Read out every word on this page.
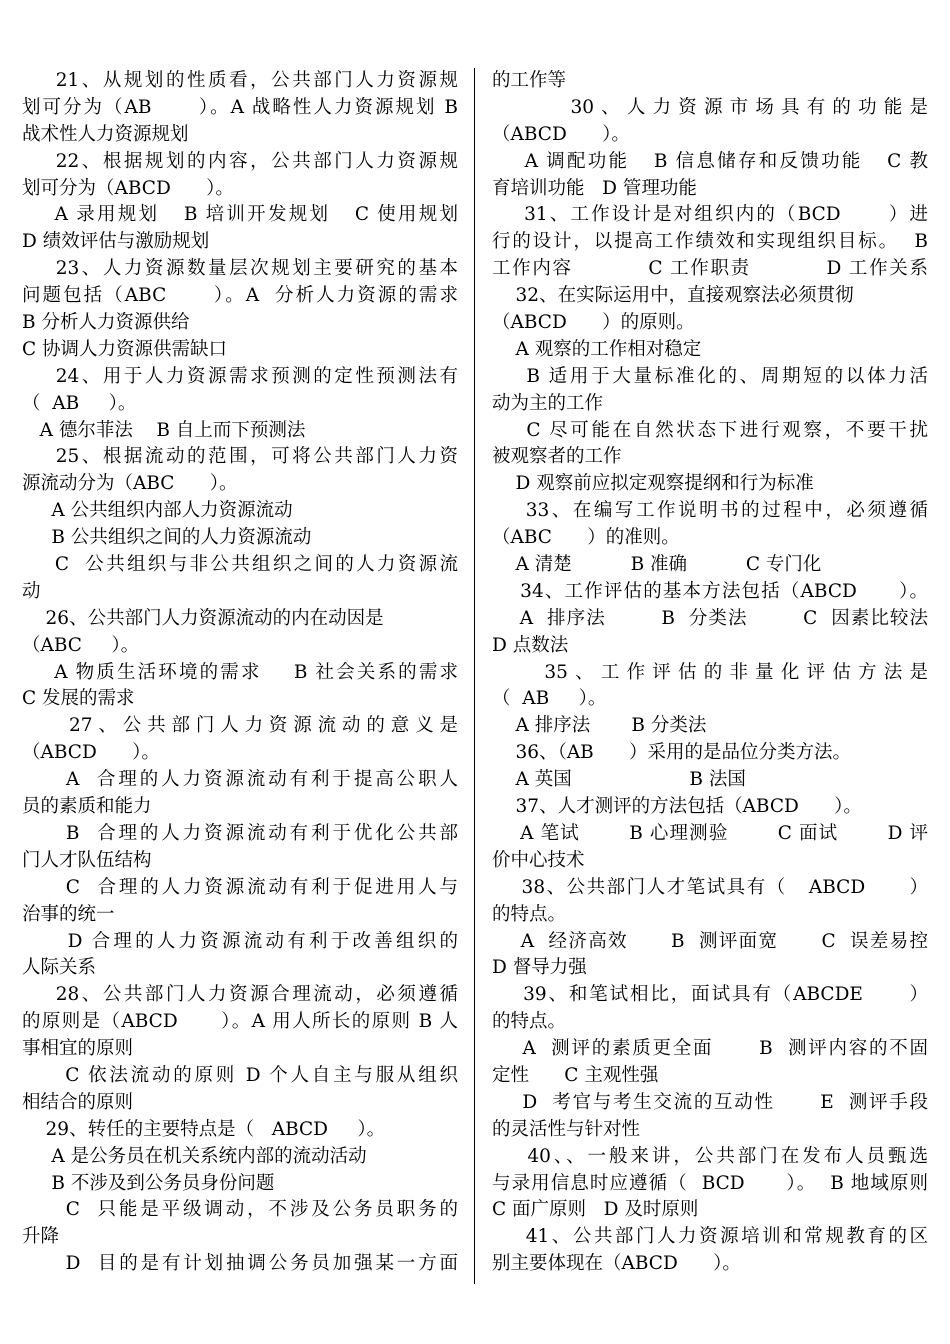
21、从规划的性质看，公共部门人力资源规
划可分为（AB      ）。A 战略性人力资源规划 B
战术性人力资源规划
22、根据规划的内容，公共部门人力资源规
划可分为（ABCD      ）。
A 录用规划   B 培训开发规划   C 使用规划
D 绩效评估与激励规划
23、人力资源数量层次规划主要研究的基本
问题包括（ABC      ）。A  分析人力资源的需求
B 分析人力资源供给
C 协调人力资源供需缺口
24、用于人力资源需求预测的定性预测法有
（  AB     ）。
A 德尔菲法    B 自上而下预测法
25、根据流动的范围，可将公共部门人力资
源流动分为（ABC      ）。
A 公共组织内部人力资源流动
B 公共组织之间的人力资源流动
C  公共组织与非公共组织之间的人力资源流
动
26、公共部门人力资源流动的内在动因是
（ABC     ）。
A 物质生活环境的需求    B 社会关系的需求
C 发展的需求
27、公共部门人力资源流动的意义是
（ABCD      ）。
A  合理的人力资源流动有利于提高公职人
员的素质和能力
B  合理的人力资源流动有利于优化公共部
门人才队伍结构
C  合理的人力资源流动有利于促进用人与
治事的统一
D 合理的人力资源流动有利于改善组织的
人际关系
28、公共部门人力资源合理流动，必须遵循
的原则是（ABCD      ）。A 用人所长的原则 B 人
事相宜的原则
C 依法流动的原则 D 个人自主与服从组织
相结合的原则
29、转任的主要特点是（   ABCD     ）。
A 是公务员在机关系统内部的流动活动
B 不涉及到公务员身份问题
C  只能是平级调动，不涉及公务员职务的
升降
D  目的是有计划抽调公务员加强某一方面
的工作等
30、人力资源市场具有的功能是
（ABCD      ）。
A 调配功能   B 信息储存和反馈功能   C 教
育培训功能   D 管理功能
31、工作设计是对组织内的（BCD      ）进
行的设计，以提高工作绩效和实现组织目标。  B
工作内容          C 工作职责          D 工作关系
32、在实际运用中，直接观察法必须贯彻
（ABCD      ）的原则。
A 观察的工作相对稳定
B 适用于大量标准化的、周期短的以体力活
动为主的工作
C 尽可能在自然状态下进行观察，不要干扰
被观察者的工作
D 观察前应拟定观察提纲和行为标准
33、在编写工作说明书的过程中，必须遵循
（ABC      ）的准则。
A 清楚          B 准确          C 专门化
34、工作评估的基本方法包括（ABCD      ）。
A  排序法        B  分类法        C  因素比较法
D 点数法
35、工作评估的非量化评估方法是
（  AB     ）。
A 排序法       B 分类法
36、（AB      ）采用的是品位分类方法。
A 英国                    B 法国
37、人才测评的方法包括（ABCD      ）。
A 笔试       B 心理测验       C 面试       D 评
价中心技术
38、公共部门人才笔试具有（   ABCD      ）
的特点。
A  经济高效      B  测评面宽      C  误差易控
D 督导力强
39、和笔试相比，面试具有（ABCDE      ）
的特点。
A  测评的素质更全面      B  测评内容的不固
定性      C 主观性强
D  考官与考生交流的互动性      E  测评手段
的灵活性与针对性
40、、一般来讲，公共部门在发布人员甄选
与录用信息时应遵循（  BCD      ）。  B 地域原则
C 面广原则   D 及时原则
41、公共部门人力资源培训和常规教育的区
别主要体现在（ABCD      ）。
